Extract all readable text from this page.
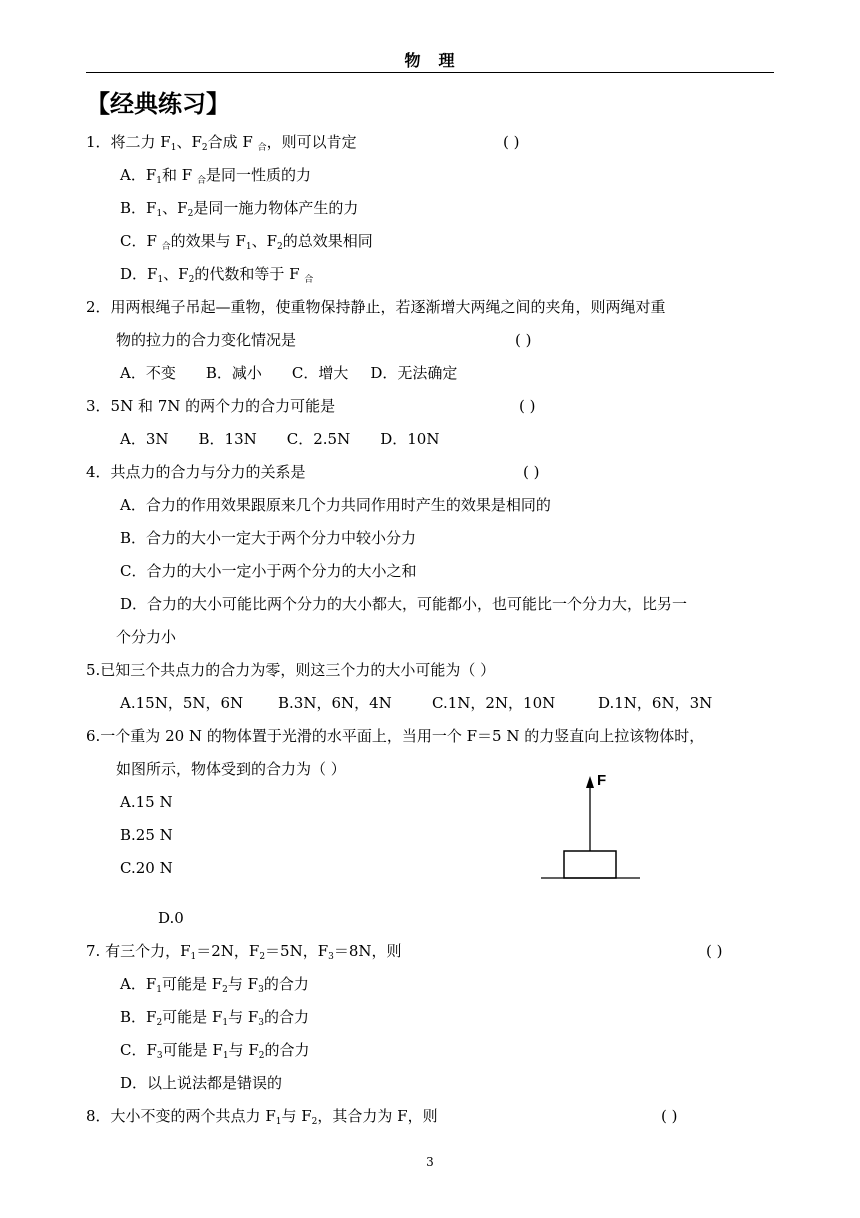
物　理
【经典练习】
1．将二力 $F_1$、$F_2$合成 F $_合$，则可以肯定	( )
A．$F_1$和 F $_合$是同一性质的力
B．$F_1$、$F_2$是同一施力物体产生的力
C．F $_合$的效果与 $F_1$、$F_2$的总效果相同
D．$F_1$、$F_2$的代数和等于 F $_合$
2．用两根绳子吊起—重物，使重物保持静止，若逐渐增大两绳之间的夹角，则两绳对重
物的拉力的合力变化情况是	( )
A．不变 B．减小 C．增大 D．无法确定
3．5N 和 7N 的两个力的合力可能是	( )
A．3N B．13N C．2.5N D．10N
4．共点力的合力与分力的关系是	( )
A．合力的作用效果跟原来几个力共同作用时产生的效果是相同的
B．合力的大小一定大于两个分力中较小分力
C．合力的大小一定小于两个分力的大小之和
D．合力的大小可能比两个分力的大小都大，可能都小，也可能比一个分力大，比另一
个分力小
5.已知三个共点力的合力为零，则这三个力的大小可能为（ ）
A.15N，5N，6N B.3N，6N，4N	C.1N，2N，10N	D.1N，6N，3N
6.一个重为 20 N 的物体置于光滑的水平面上，当用一个 F＝5 N 的力竖直向上拉该物体时，
如图所示，物体受到的合力为（ ）
A.15 N
B.25 N
C.20 N
D.0
F
7. 有三个力，$F_1=2N$，$F_2=5N$，$F_3=8N$，则	( )
A．$F_1$可能是 $F_2$与 $F_3$的合力
B．$F_2$可能是 $F_1$与 $F_3$的合力
C．$F_3$可能是 $F_1$与 $F_2$的合力
D．以上说法都是错误的
8．大小不变的两个共点力 $F_1$与 $F_2$，其合力为 F，则	( )
3
